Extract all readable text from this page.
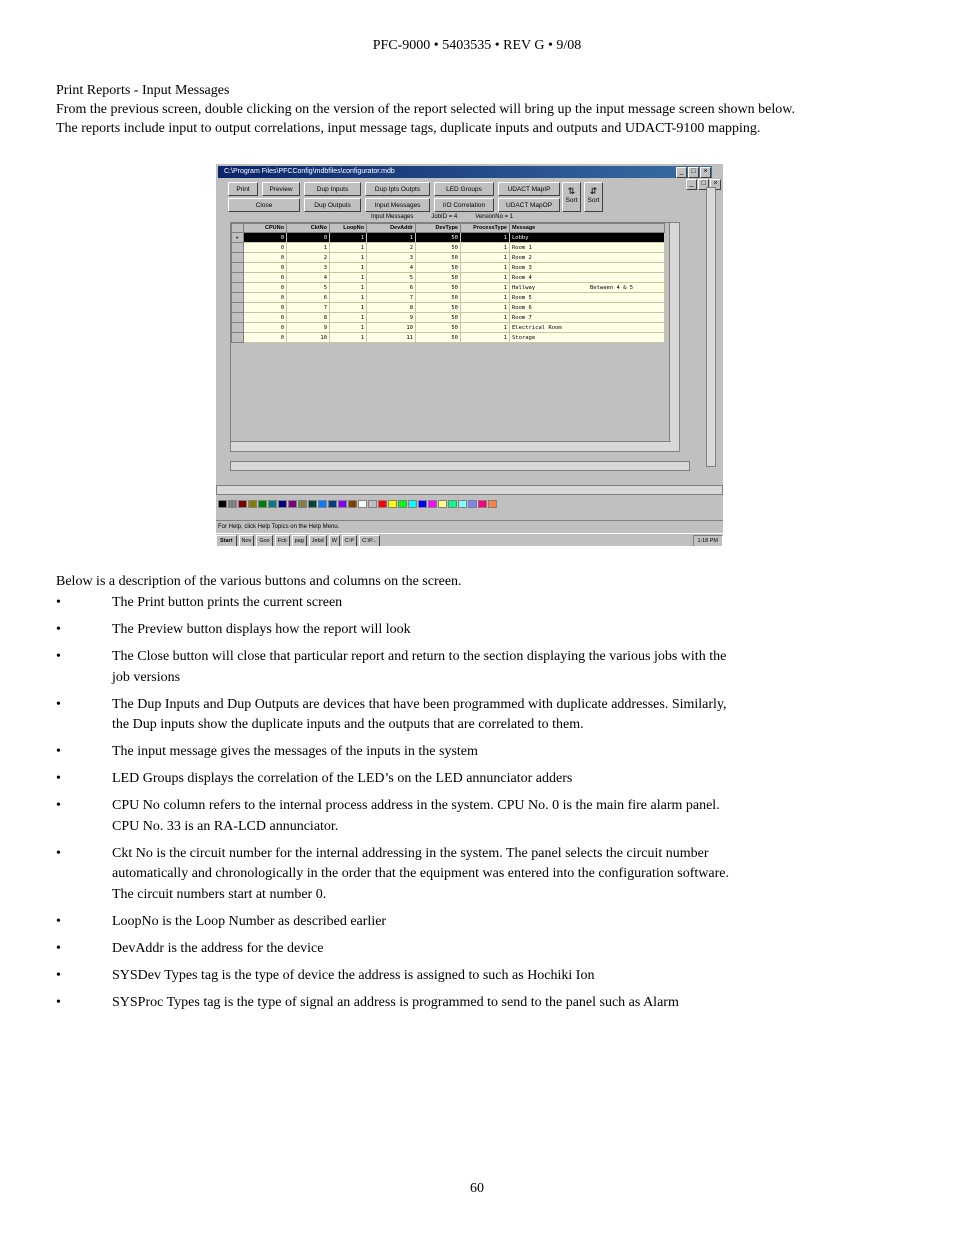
PFC-9000 • 5403535 • REV G • 9/08
Print Reports - Input Messages
From the previous screen, double clicking on the version of the report selected will bring up the input message screen shown below.
The reports include input to output correlations, input message tags, duplicate inputs and outputs and UDACT-9100 mapping.
C:\Program Files\PFCConfig\mdbfiles\configurator.mdb	_	□	×
_	□	×
Print	Preview	Dup Inputs	Dup Ipts Outpts	LED Groups	UDACT MapIP
Close	Dup Outputs	Input Messages	I/O Correlation	UDACT MapOP
⇅
Sort
⇵
Sort
Input Messages	JobID = 4	VersionNo = 1
	CPUNo	CktNo	LoopNo	DevAddr	DevType	ProcessType	Message
▸	0	0	1	1	50	1	Lobby
	0	1	1	2	50	1	Room 1
	0	2	1	3	50	1	Room 2
	0	3	1	4	50	1	Room 3
	0	4	1	5	50	1	Room 4
	0	5	1	6	50	1	Hallway Between 4 & 5
	0	6	1	7	50	1	Room 5
	0	7	1	8	50	1	Room 6
	0	8	1	9	50	1	Room 7
	0	9	1	10	50	1	Electrical Room
	0	10	1	11	50	1	Storage
For Help, click Help Topics on the Help Menu.
Start	Nov	Goo	Fcti	pag	Jebd	W	C:P	C:\P...	1:18 PM
Below is a description of the various buttons and columns on the screen.
•	The Print button prints the current screen
•	The Preview button displays how the report will look
•	The Close button will close that particular report and return to the section displaying the various jobs with the
job versions
•	The Dup Inputs and Dup Outputs are devices that have been programmed with duplicate addresses. Similarly,
the Dup inputs show the duplicate inputs and the outputs that are correlated to them.
•	The input message gives the messages of the inputs in the system
•	LED Groups displays the correlation of the LED’s on the LED annunciator adders
•	CPU No column refers to the internal process address in the system. CPU No. 0 is the main fire alarm panel.
CPU No. 33 is an RA-LCD annunciator.
•	Ckt No is the circuit number for the internal addressing in the system. The panel selects the circuit number
automatically and chronologically in the order that the equipment was entered into the configuration software.
The circuit numbers start at number 0.
•	LoopNo is the Loop Number as described earlier
•	DevAddr is the address for the device
•	SYSDev Types tag is the type of device the address is assigned to such as Hochiki Ion
•	SYSProc Types tag is the type of signal an address is programmed to send to the panel such as Alarm
60
